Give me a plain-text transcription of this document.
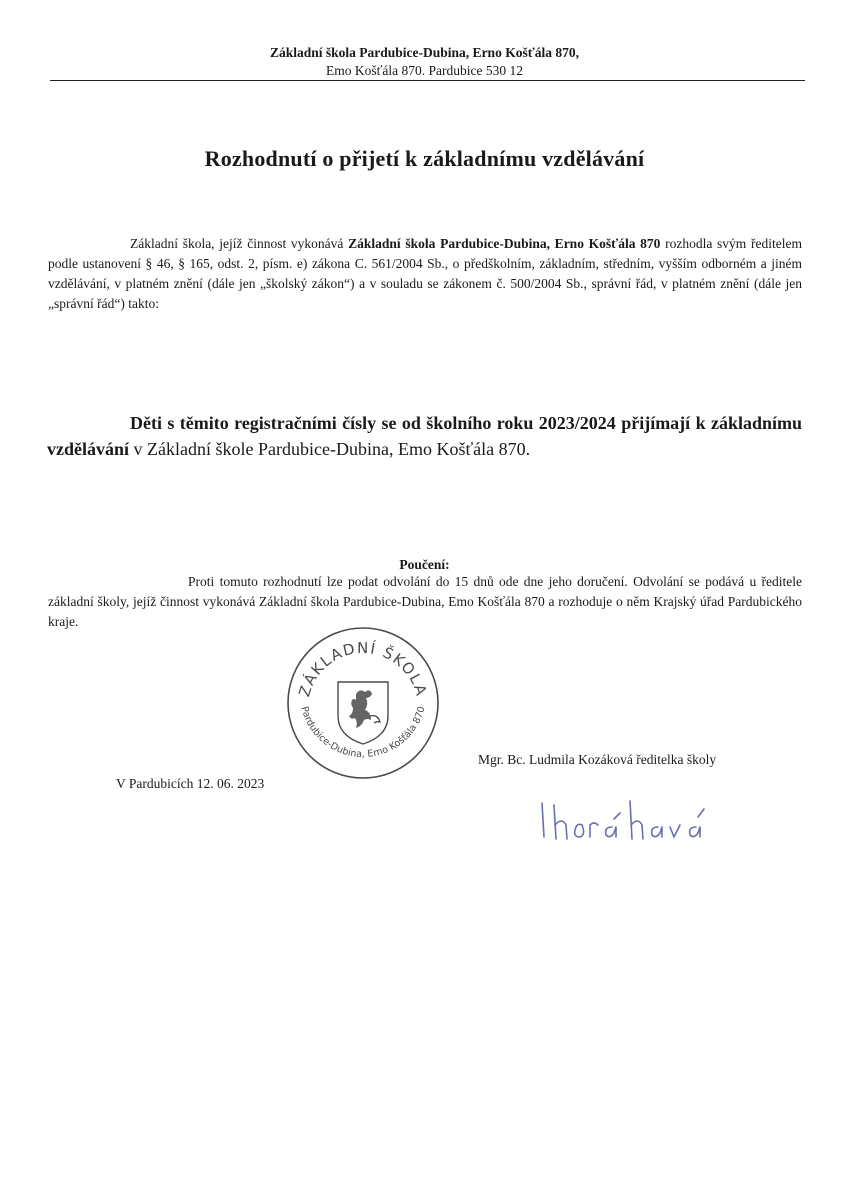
Základní škola Pardubice-Dubina, Erno Košťála 870,
Emo Košťála 870. Pardubice 530 12
Rozhodnutí o přijetí k základnímu vzdělávání
Základní škola, jejíž činnost vykonává Základní škola Pardubice-Dubina, Erno Košťála 870 rozhodla svým ředitelem podle ustanovení § 46, § 165, odst. 2, písm. e) zákona C. 561/2004 Sb., o předškolním, základním, středním, vyšším odborném a jiném vzdělávání, v platném znění (dále jen „školský zákon“) a v souladu se zákonem č. 500/2004 Sb., správní řád, v platném znění (dále jen „správní řád“) takto:
Děti s těmito registračními čísly se od školního roku 2023/2024 přijímají k základnímu vzdělávání v Základní škole Pardubice-Dubina, Emo Košťála 870.
Poučení:
Proti tomuto rozhodnutí lze podat odvolání do 15 dnů ode dne jeho doručení. Odvolání se podává u ředitele základní školy, jejíž činnost vykonává Základní škola Pardubice-Dubina, Emo Košťála 870 a rozhoduje o něm Krajský úřad Pardubického kraje.
ZÁKLADNÍ ŠKOLA
Pardubice-Dubina, Erno Košťála 870
Mgr. Bc. Ludmila Kozáková ředitelka školy
V Pardubicích 12. 06. 2023
